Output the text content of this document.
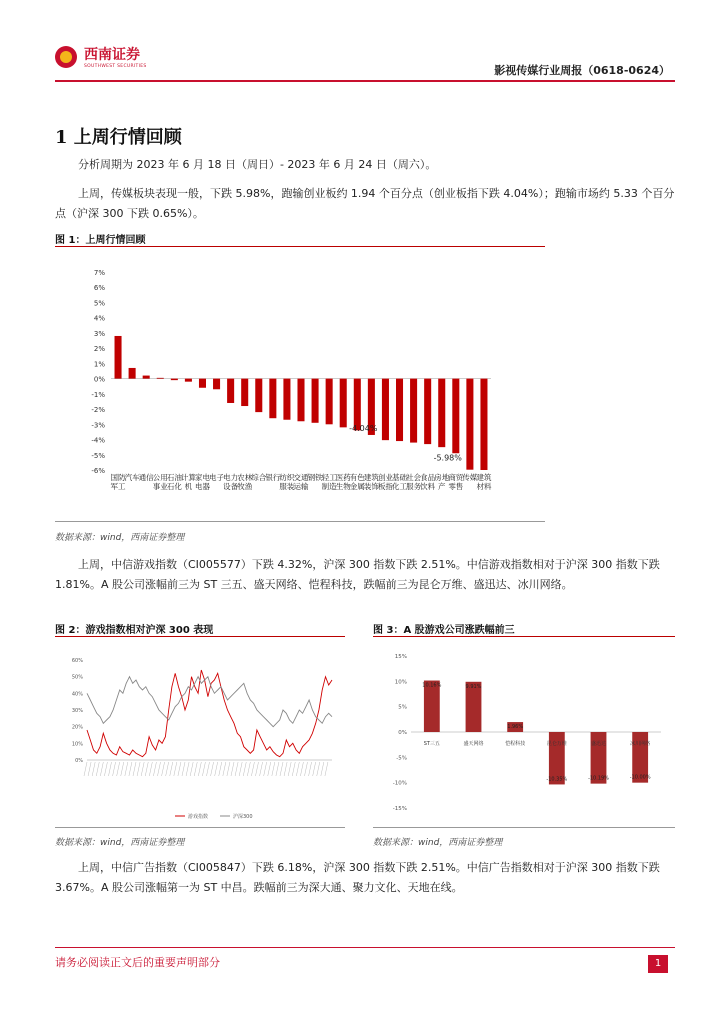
西南证券
SOUTHWEST SECURITIES	影视传媒行业周报（0618-0624）
1 上周行情回顾
分析周期为 2023 年 6 月 18 日（周日）- 2023 年 6 月 24 日（周六）。
上周，传媒板块表现一般，下跌 5.98%，跑输创业板约 1.94 个百分点（创业板指下跌 4.04%）；跑输市场约 5.33 个百分点（沪深 300 下跌 0.65%）。
图 1：上周行情回顾
7%
6%
5%
4%
3%
2%
1%
0%
-1%
-2%
-3%
-4%
-5%
-6%
国防
军工
汽车 通信 公用
事业
石油
石化
计算
机
家电
电器
电子 电力
设备
农林
牧渔
综合 银行 纺织
服装
交通
运输
钢铁 轻工
制造
医药
生物
有色
金属
建筑
装饰
创业
板指
-4.04%
基础
化工
社会
服务
食品
饮料
房地
产
商贸
零售
传媒
-5.98%
建筑
材料
数据来源：wind，西南证券整理
上周，中信游戏指数（CI005577）下跌 4.32%，沪深 300 指数下跌 2.51%。中信游戏指数相对于沪深 300 指数下跌 1.81%。A 股公司涨幅前三为 ST 三五、盛天网络、恺程科技，跌幅前三为昆仑万维、盛迅达、冰川网络。
图 2：游戏指数相对沪深 300 表现
60%
50%
40%
30%
20%
10%
0%
游戏指数	沪深300
数据来源：wind，西南证券整理
图 3：A 股游戏公司涨跌幅前三
15%
10%
5%
0%
-5%
-10%
-15%
10.16%
ST三五
9.91%
盛天网络
1.96%
恺程科技
-10.35%
昆仑万维
-10.19%
盛迅达
-10.00%
冰川网络
数据来源：wind，西南证券整理
上周，中信广告指数（CI005847）下跌 6.18%，沪深 300 指数下跌 2.51%。中信广告指数相对于沪深 300 指数下跌 3.67%。A 股公司涨幅第一为 ST 中昌。跌幅前三为深大通、聚力文化、天地在线。
请务必阅读正文后的重要声明部分	1
